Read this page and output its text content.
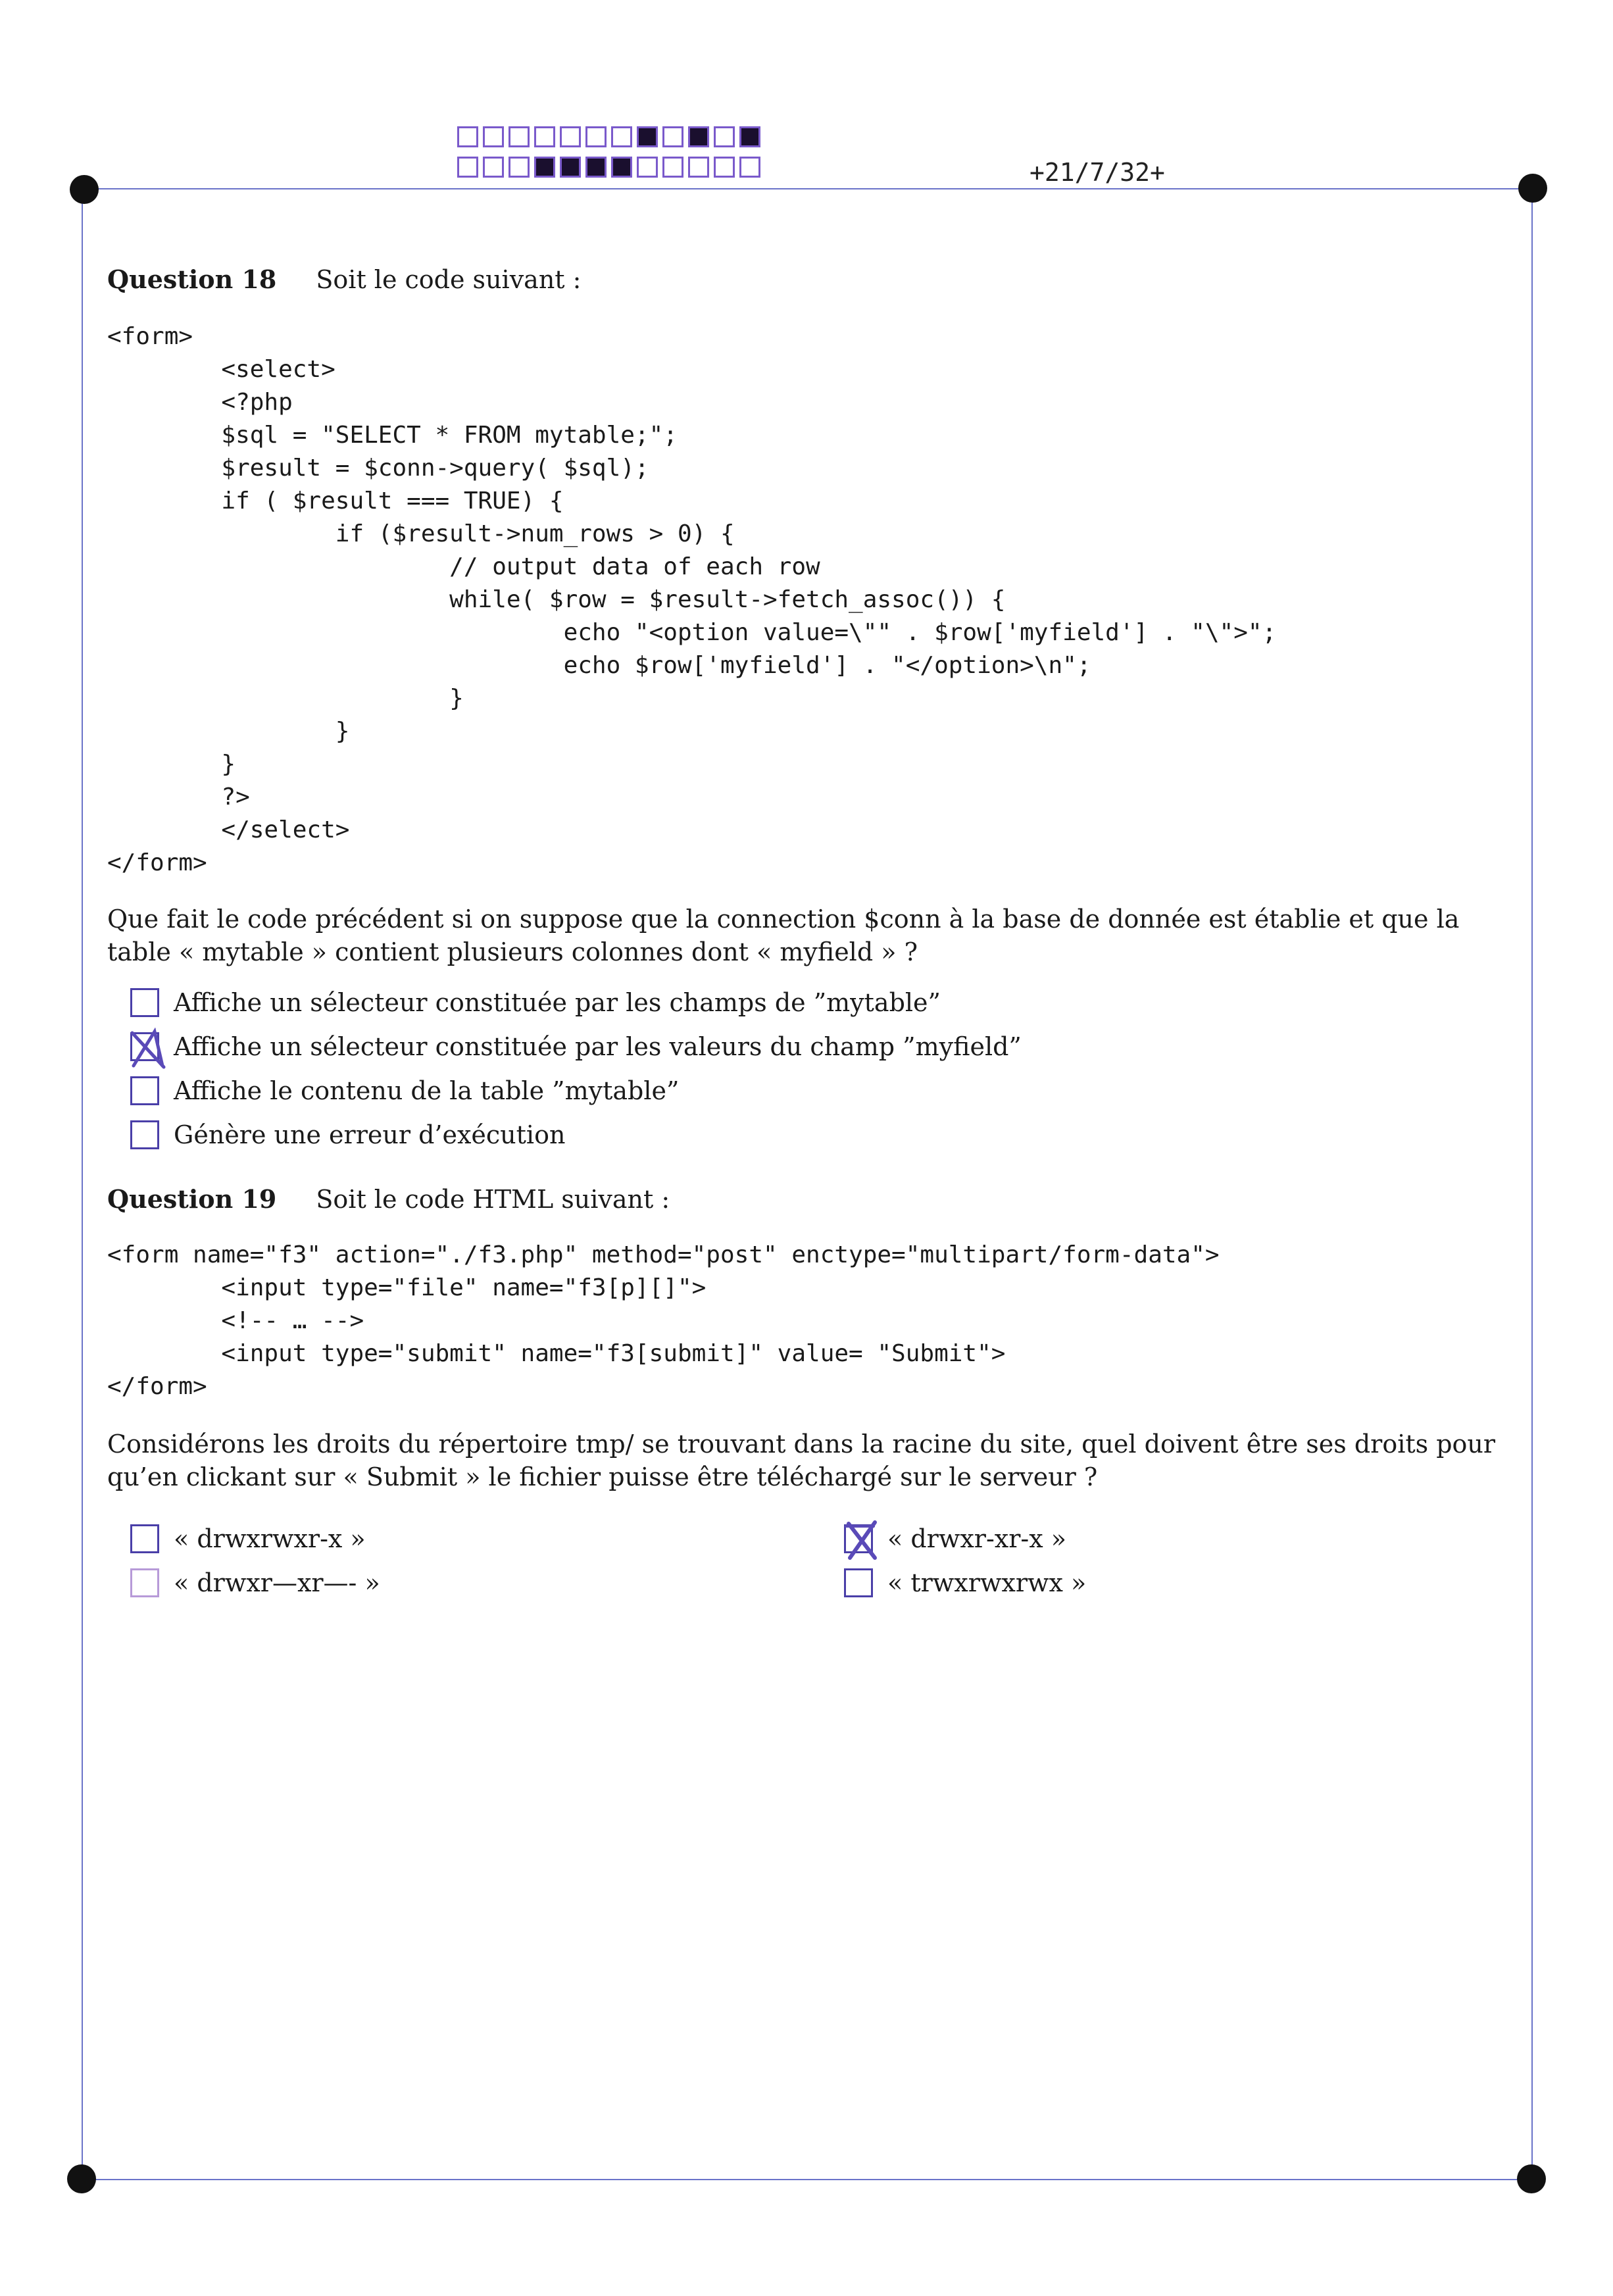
+21/7/32+
Question 18 Soit le code suivant :
<form>
<select>
<?php
$sql = "SELECT * FROM mytable;";
$result = $conn->query( $sql);
if ( $result === TRUE) {
if ($result->num_rows > 0) {
// output data of each row
while( $row = $result->fetch_assoc()) {
echo "<option value=\"" . $row['myfield'] . "\">";
echo $row['myfield'] . "</option>\n";
}
}
}
?>
</select>
</form>
Que fait le code précédent si on suppose que la connection $conn à la base de donnée est établie et que la table « mytable » contient plusieurs colonnes dont « myfield » ?
Affiche un sélecteur constituée par les champs de ”mytable”
Affiche un sélecteur constituée par les valeurs du champ ”myfield”
Affiche le contenu de la table ”mytable”
Génère une erreur d’exécution
Question 19 Soit le code HTML suivant :
<form name="f3" action="./f3.php" method="post" enctype="multipart/form-data">
<input type="file" name="f3[p][]">
<!-- … -->
<input type="submit" name="f3[submit]" value= "Submit">
</form>
Considérons les droits du répertoire tmp/ se trouvant dans la racine du site, quel doivent être ses droits pour qu’en clickant sur « Submit » le fichier puisse être téléchargé sur le serveur ?
« drwxrwxr-x »	« drwxr-xr-x »
« drwxr—xr—- »	« trwxrwxrwx »
